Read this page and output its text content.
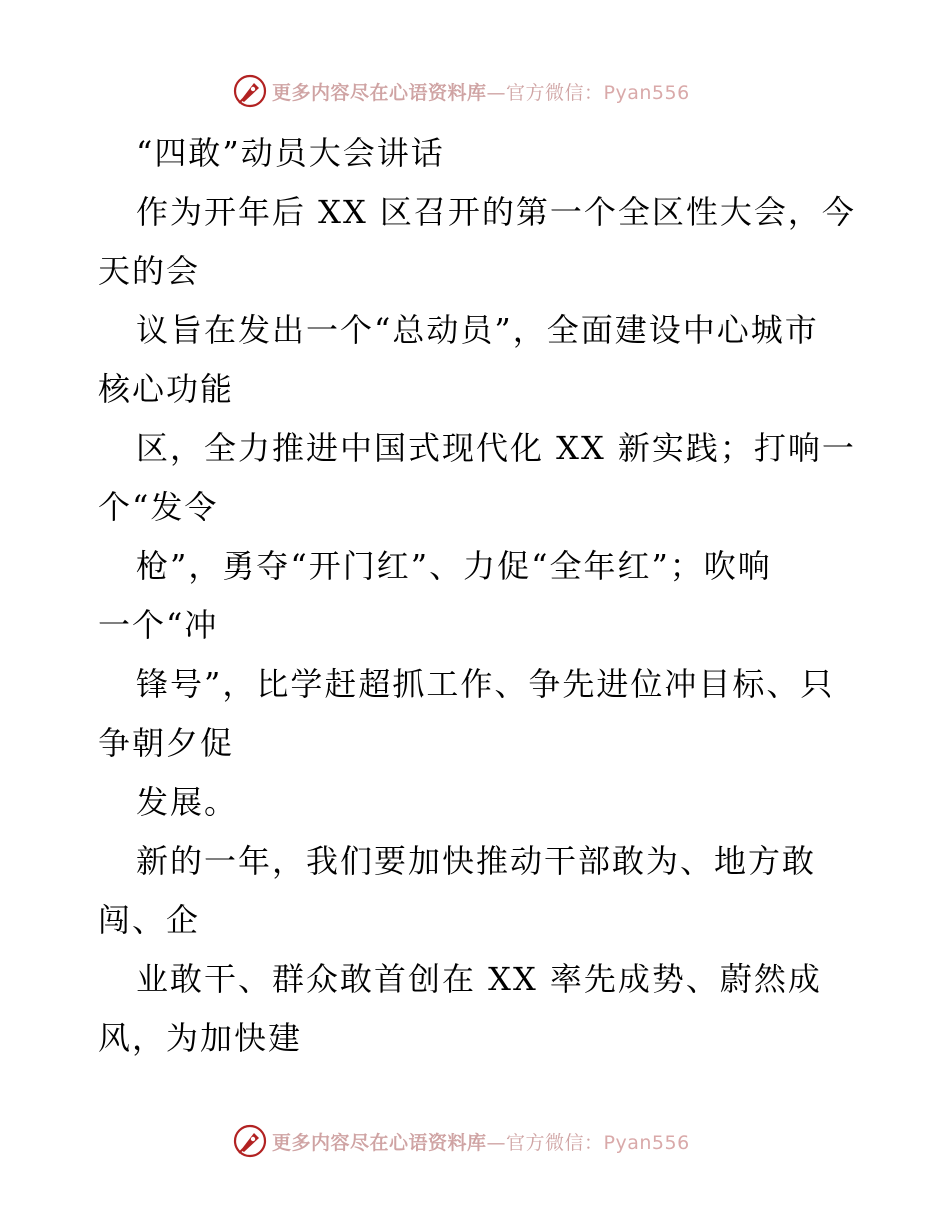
更多内容尽在心语资料库—官方微信：Pyan556
“四敢”动员大会讲话
作为开年后 XX 区召开的第一个全区性大会，今
天的会
议旨在发出一个“总动员”，全面建设中心城市
核心功能
区，全力推进中国式现代化 XX 新实践；打响一
个“发令
枪”，勇夺“开门红”、力促“全年红”；吹响
一个“冲
锋号”，比学赶超抓工作、争先进位冲目标、只
争朝夕促
发展。
新的一年，我们要加快推动干部敢为、地方敢
闯、企
业敢干、群众敢首创在 XX 率先成势、蔚然成
风，为加快建
更多内容尽在心语资料库—官方微信：Pyan556
